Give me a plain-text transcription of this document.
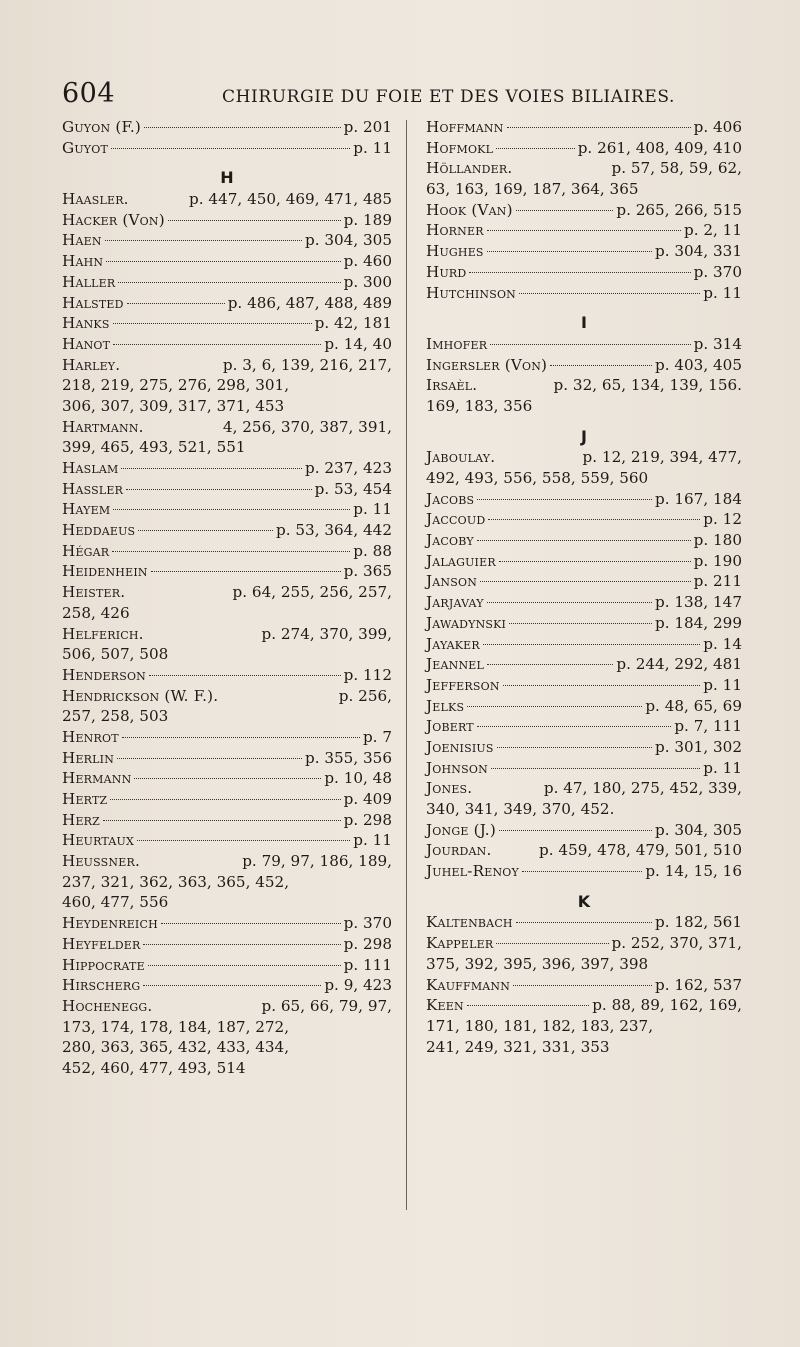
604	CHIRURGIE DU FOIE ET DES VOIES BILIAIRES.
Guyon (F.)	p. 201
Guyot	p. 11
H
Haasler.	p. 447, 450, 469, 471, 485
Hacker (Von)	p. 189
Haen	p. 304, 305
Hahn	p. 460
Haller	p. 300
Halsted	p. 486, 487, 488, 489
Hanks	p. 42, 181
Hanot	p. 14, 40
Harley.	p. 3, 6, 139, 216, 217,
218, 219, 275, 276, 298, 301,
306, 307, 309, 317, 371, 453
Hartmann.	4, 256, 370, 387, 391,
399, 465, 493, 521, 551
Haslam	p. 237, 423
Hassler	p. 53, 454
Hayem	p. 11
Heddaeus	p. 53, 364, 442
Hégar	p. 88
Heidenhein	p. 365
Heister.	p. 64, 255, 256, 257,
258, 426
Helferich.	p. 274, 370, 399,
506, 507, 508
Henderson	p. 112
Hendrickson (W. F.).	p. 256,
257, 258, 503
Henrot	p. 7
Herlin	p. 355, 356
Hermann	p. 10, 48
Hertz	p. 409
Herz	p. 298
Heurtaux	p. 11
Heussner.	p. 79, 97, 186, 189,
237, 321, 362, 363, 365, 452,
460, 477, 556
Heydenreich	p. 370
Heyfelder	p. 298
Hippocrate	p. 111
Hirscherg	p. 9, 423
Hochenegg.	p. 65, 66, 79, 97,
173, 174, 178, 184, 187, 272,
280, 363, 365, 432, 433, 434,
452, 460, 477, 493, 514
Hoffmann	p. 406
Hofmokl	p. 261, 408, 409, 410
Höllander.	p. 57, 58, 59, 62,
63, 163, 169, 187, 364, 365
Hook (Van)	p. 265, 266, 515
Horner	p. 2, 11
Hughes	p. 304, 331
Hurd	p. 370
Hutchinson	p. 11
I
Imhofer	p. 314
Ingersler (Von)	p. 403, 405
Irsaèl.	p. 32, 65, 134, 139, 156.
169, 183, 356
J
Jaboulay.	p. 12, 219, 394, 477,
492, 493, 556, 558, 559, 560
Jacobs	p. 167, 184
Jaccoud	p. 12
Jacoby	p. 180
Jalaguier	p. 190
Janson	p. 211
Jarjavay	p. 138, 147
Jawadynski	p. 184, 299
Jayaker	p. 14
Jeannel	p. 244, 292, 481
Jefferson	p. 11
Jelks	p. 48, 65, 69
Jobert	p. 7, 111
Joenisius	p. 301, 302
Johnson	p. 11
Jones.	p. 47, 180, 275, 452, 339,
340, 341, 349, 370, 452.
Jonge (J.)	p. 304, 305
Jourdan.	p. 459, 478, 479, 501, 510
Juhel-Renoy	p. 14, 15, 16
K
Kaltenbach	p. 182, 561
Kappeler	p. 252, 370, 371,
375, 392, 395, 396, 397, 398
Kauffmann	p. 162, 537
Keen	p. 88, 89, 162, 169,
171, 180, 181, 182, 183, 237,
241, 249, 321, 331, 353
